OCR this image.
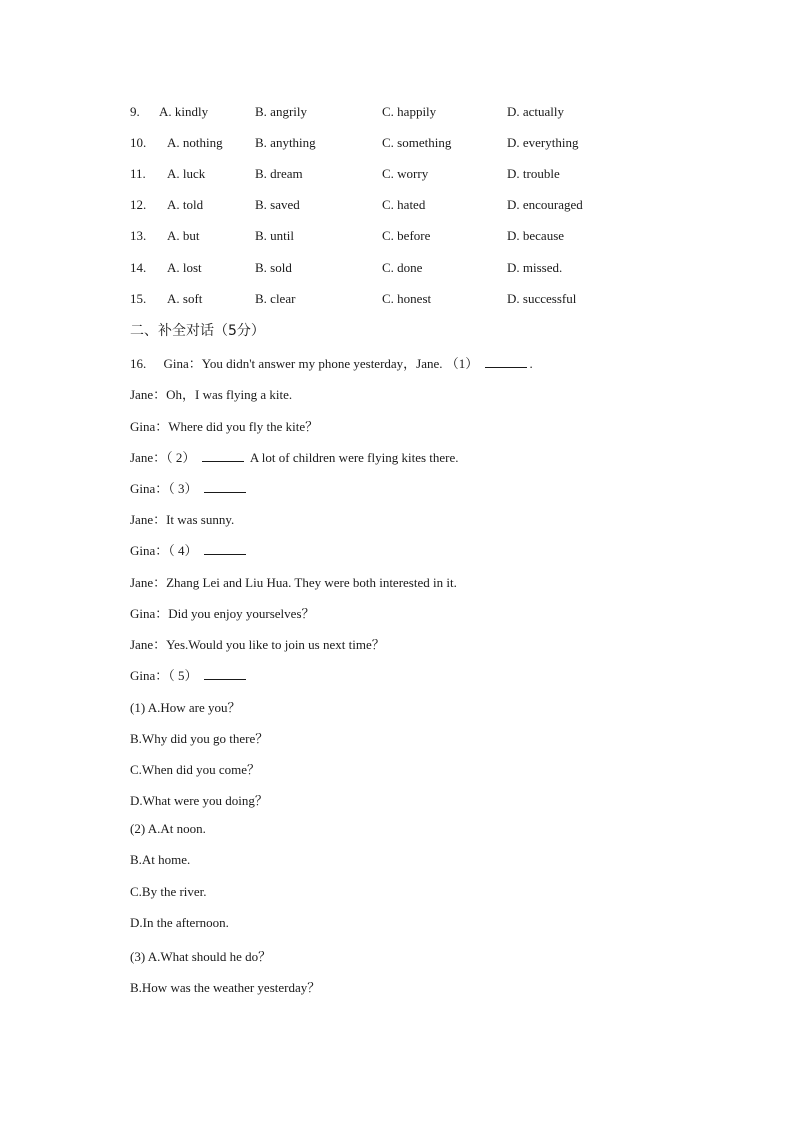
9. A. kindly	B. angrily	C. happily	D. actually
10. A. nothing B. anything	C. something	D. everything
11. A. luck	B. dream	C. worry	D. trouble
12. A. told	B. saved	C. hated	D. encouraged
13. A. but	B. until	C. before	D. because
14. A. lost	B. sold	C. done	D. missed.
15. A. soft	B. clear	C. honest	D. successful
二、补全对话（5分）
16. Gina：You didn't answer my phone yesterday，Jane. （1）	.
Jane：Oh，I was flying a kite.
Gina：Where did you fly the kite？
Jane：（ 2）	A lot of children were flying kites there.
Gina：（ 3）
Jane：It was sunny.
Gina：（ 4）
Jane：Zhang Lei and Liu Hua. They were both interested in it.
Gina：Did you enjoy yourselves？
Jane：Yes.Would you like to join us next time？
Gina：（ 5）
(1) A.How are you？
B.Why did you go there？
C.When did you come？
D.What were you doing？
(2) A.At noon.
B.At home.
C.By the river.
D.In the afternoon.
(3) A.What should he do？
B.How was the weather yesterday？
